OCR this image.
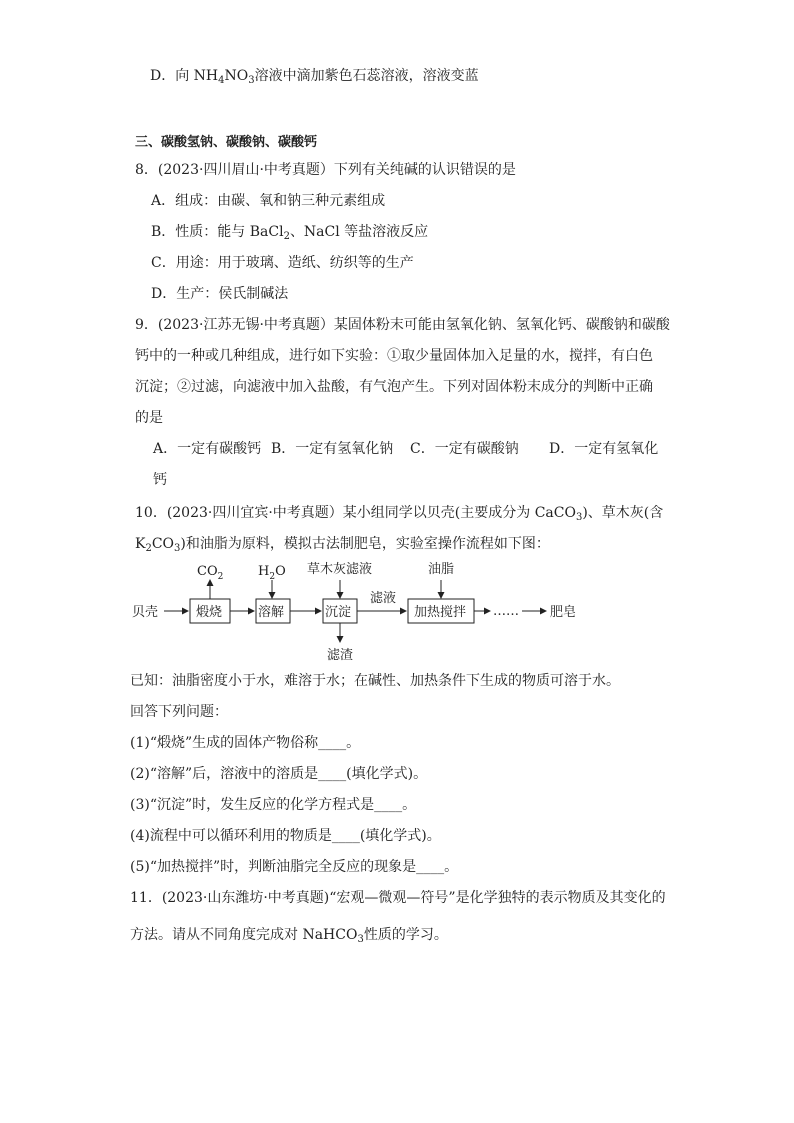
D．向 $NH_4NO_3$溶液中滴加紫色石蕊溶液，溶液变蓝
三、碳酸氢钠、碳酸钠、碳酸钙
8．(2023·四川眉山·中考真题）下列有关纯碱的认识错误的是
A．组成：由碳、氧和钠三种元素组成
B．性质：能与 BaCl$_2$、NaCl 等盐溶液反应
C．用途：用于玻璃、造纸、纺织等的生产
D．生产：侯氏制碱法
9．(2023·江苏无锡·中考真题）某固体粉末可能由氢氧化钠、氢氧化钙、碳酸钠和碳酸
钙中的一种或几种组成，进行如下实验：①取少量固体加入足量的水，搅拌，有白色
沉淀；②过滤，向滤液中加入盐酸，有气泡产生。下列对固体粉末成分的判断中正确
的是
A．一定有碳酸钙 B．一定有氢氧化钠 C．一定有碳酸钠 D．一定有氢氧化
钙
10．(2023·四川宜宾·中考真题）某小组同学以贝壳(主要成分为 CaCO$_3$)、草木灰(含
$K_2CO_3$)和油脂为原料，模拟古法制肥皂，实验室操作流程如下图：
贝壳	煅烧
$CO_2$
溶解
$H_2O$
沉淀
草木灰滤液
滤渣
滤液
加热搅拌
油脂
…… 肥皂
已知：油脂密度小于水，难溶于水；在碱性、加热条件下生成的物质可溶于水。
回答下列问题：
(1)“煅烧”生成的固体产物俗称____。
(2)“溶解”后，溶液中的溶质是____(填化学式)。
(3)“沉淀”时，发生反应的化学方程式是____。
(4)流程中可以循环利用的物质是____(填化学式)。
(5)“加热搅拌”时，判断油脂完全反应的现象是____。
11．(2023·山东潍坊·中考真题)“宏观—微观—符号”是化学独特的表示物质及其变化的
方法。请从不同角度完成对 NaHCO$_3$性质的学习。
